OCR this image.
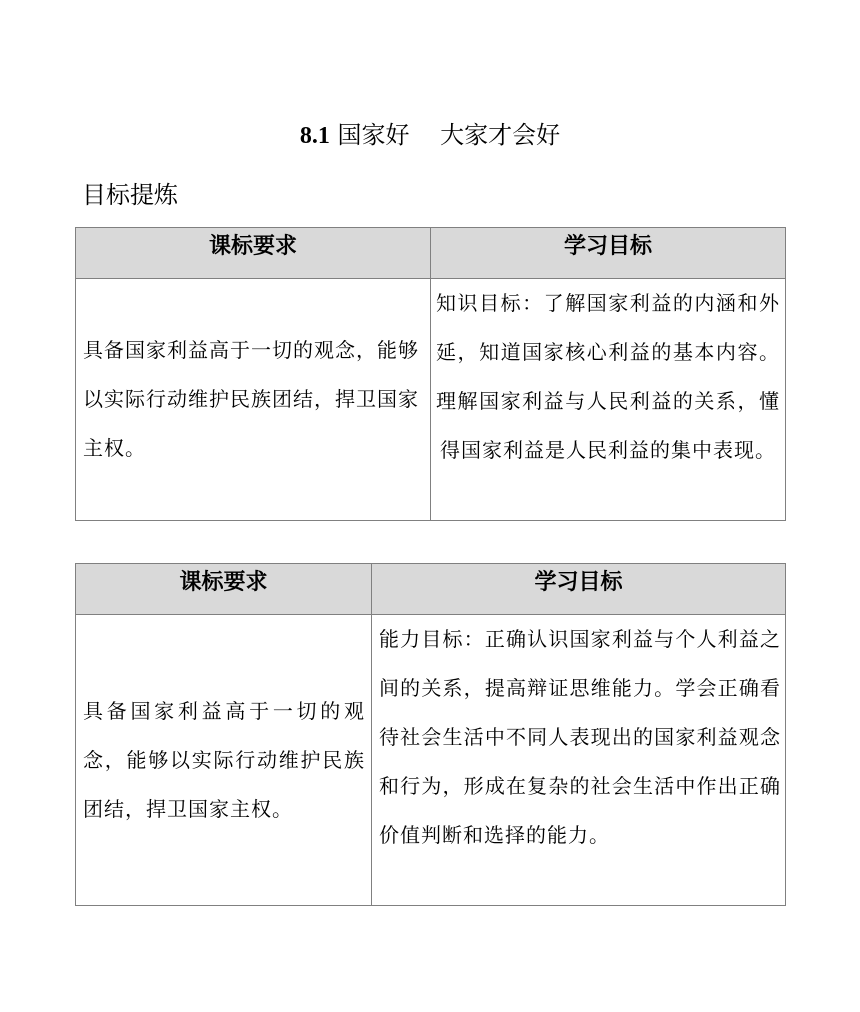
8.1 国家好    大家才会好
目标提炼
课标要求	学习目标
具备国家利益高于一切的观念，能够以实际行动维护民族团结，捍卫国家主权。	知识目标：了解国家利益的内涵和外延，知道国家核心利益的基本内容。理解国家利益与人民利益的关系，懂得国家利益是人民利益的集中表现。
课标要求	学习目标
具备国家利益高于一切的观念，能够以实际行动维护民族团结，捍卫国家主权。	能力目标：正确认识国家利益与个人利益之间的关系，提高辩证思维能力。学会正确看待社会生活中不同人表现出的国家利益观念和行为，形成在复杂的社会生活中作出正确价值判断和选择的能力。
